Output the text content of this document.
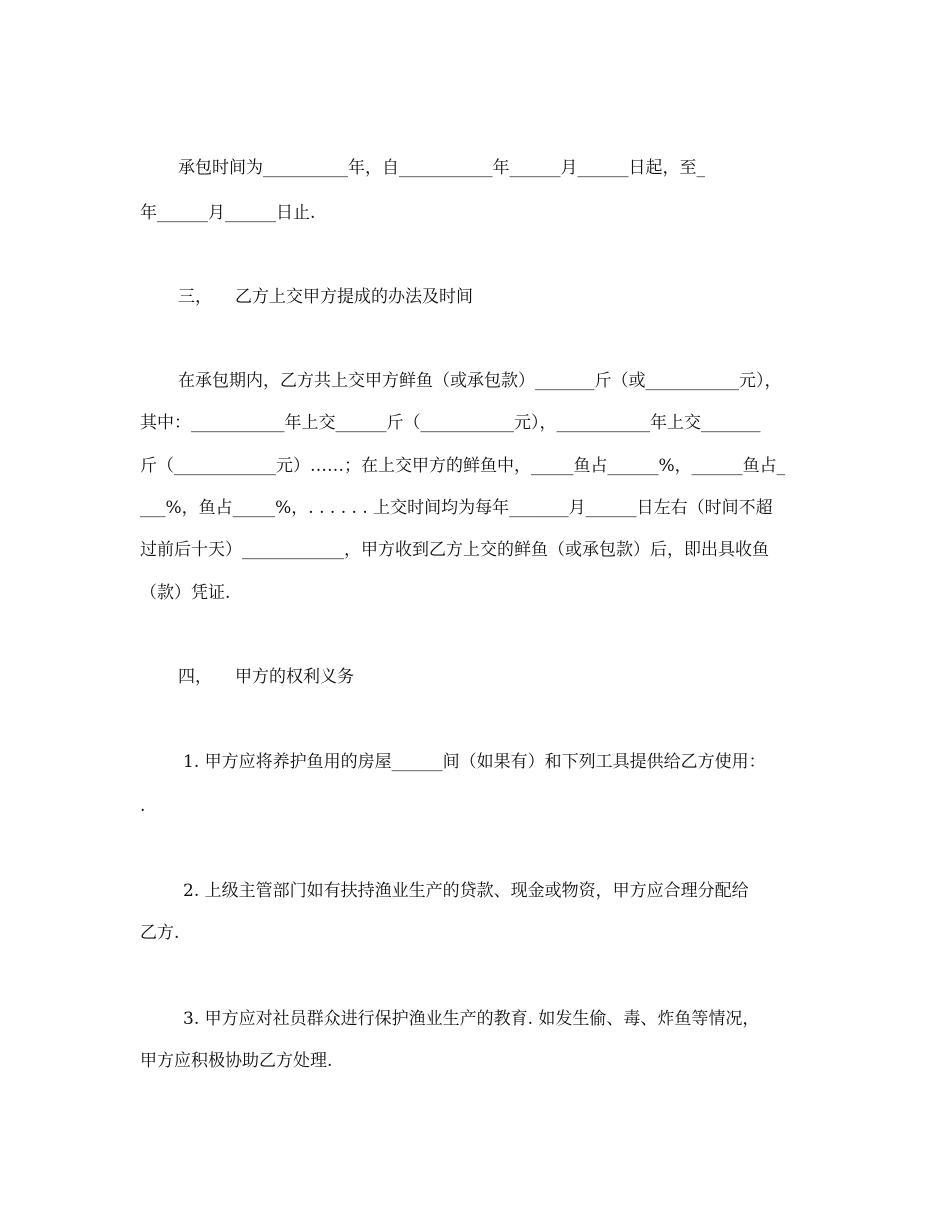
承包时间为__________年，自___________年______月______日起，至_
年______月______日止.
三， 乙方上交甲方提成的办法及时间
在承包期内，乙方共上交甲方鲜鱼（或承包款）_______斤（或___________元），
其中：___________年上交______斤（___________元），___________年上交_______
斤（____________元）……；在上交甲方的鲜鱼中，_____鱼占______%，______鱼占_
___%，鱼占_____%，. . . . . . 上交时间均为每年_______月______日左右（时间不超
过前后十天）____________，甲方收到乙方上交的鲜鱼（或承包款）后，即出具收鱼
（款）凭证.
四， 甲方的权利义务
1. 甲方应将养护鱼用的房屋______间（如果有）和下列工具提供给乙方使用：
.
2. 上级主管部门如有扶持渔业生产的贷款、现金或物资，甲方应合理分配给
乙方.
3. 甲方应对社员群众进行保护渔业生产的教育. 如发生偷、毒、炸鱼等情况，
甲方应积极协助乙方处理.
